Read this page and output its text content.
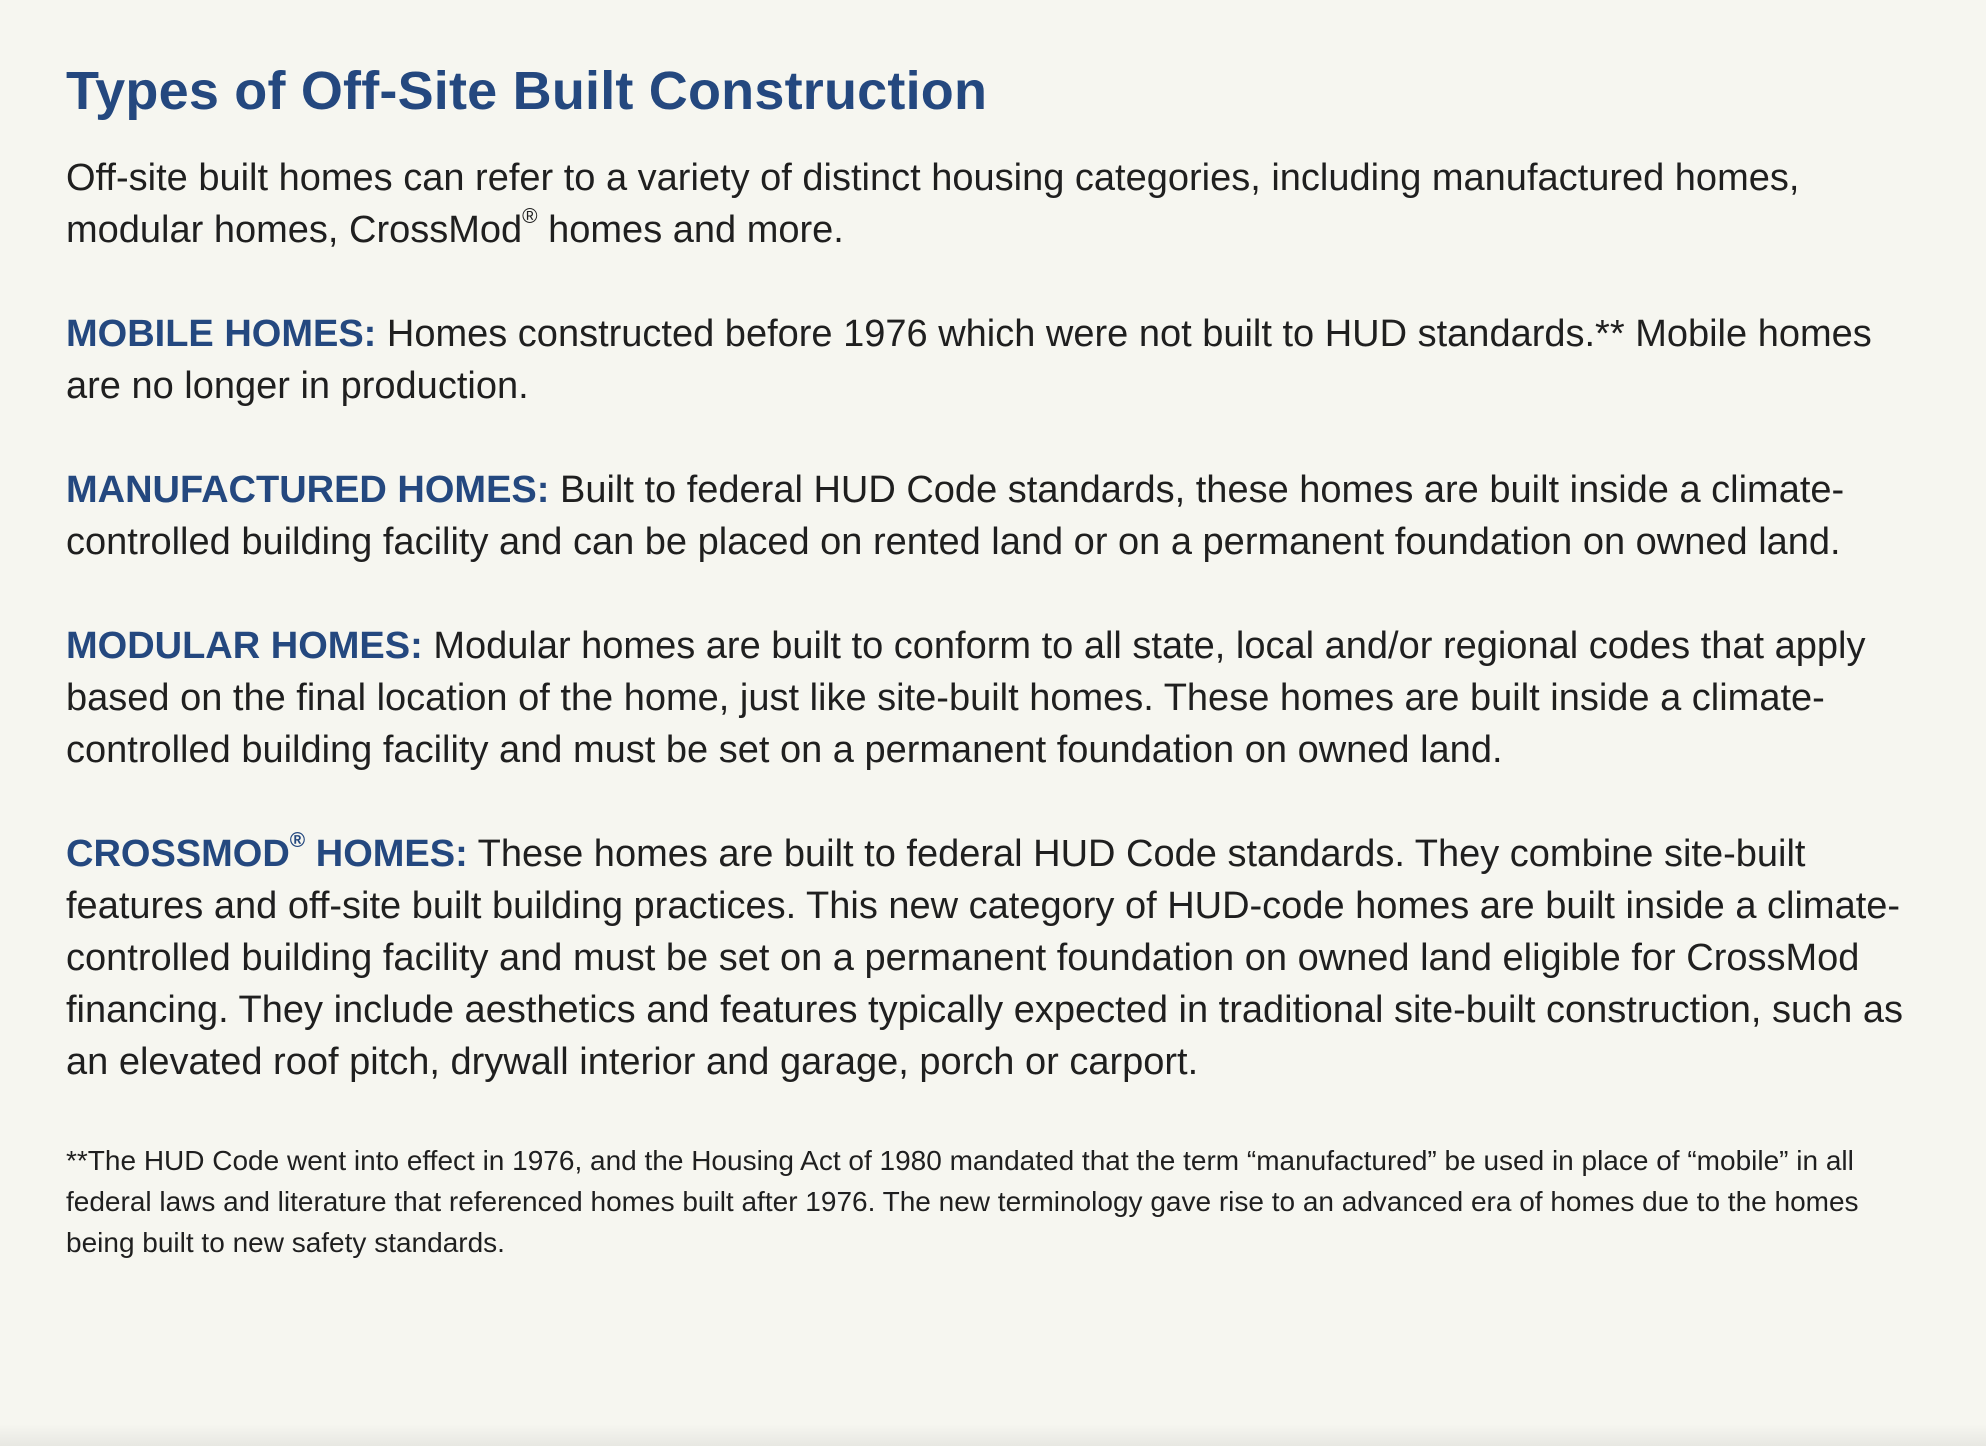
Types of Off-Site Built Construction

Off-site built homes can refer to a variety of distinct housing categories, including manufactured homes, modular homes, CrossMod® homes and more.

MOBILE HOMES: Homes constructed before 1976 which were not built to HUD standards.** Mobile homes are no longer in production.

MANUFACTURED HOMES: Built to federal HUD Code standards, these homes are built inside a climate-controlled building facility and can be placed on rented land or on a permanent foundation on owned land.

MODULAR HOMES: Modular homes are built to conform to all state, local and/or regional codes that apply based on the final location of the home, just like site-built homes. These homes are built inside a climate-controlled building facility and must be set on a permanent foundation on owned land.

CROSSMOD® HOMES: These homes are built to federal HUD Code standards. They combine site-built features and off-site built building practices. This new category of HUD-code homes are built inside a climate-controlled building facility and must be set on a permanent foundation on owned land eligible for CrossMod financing. They include aesthetics and features typically expected in traditional site-built construction, such as an elevated roof pitch, drywall interior and garage, porch or carport.

**The HUD Code went into effect in 1976, and the Housing Act of 1980 mandated that the term “manufactured” be used in place of “mobile” in all federal laws and literature that referenced homes built after 1976. The new terminology gave rise to an advanced era of homes due to the homes being built to new safety standards.
